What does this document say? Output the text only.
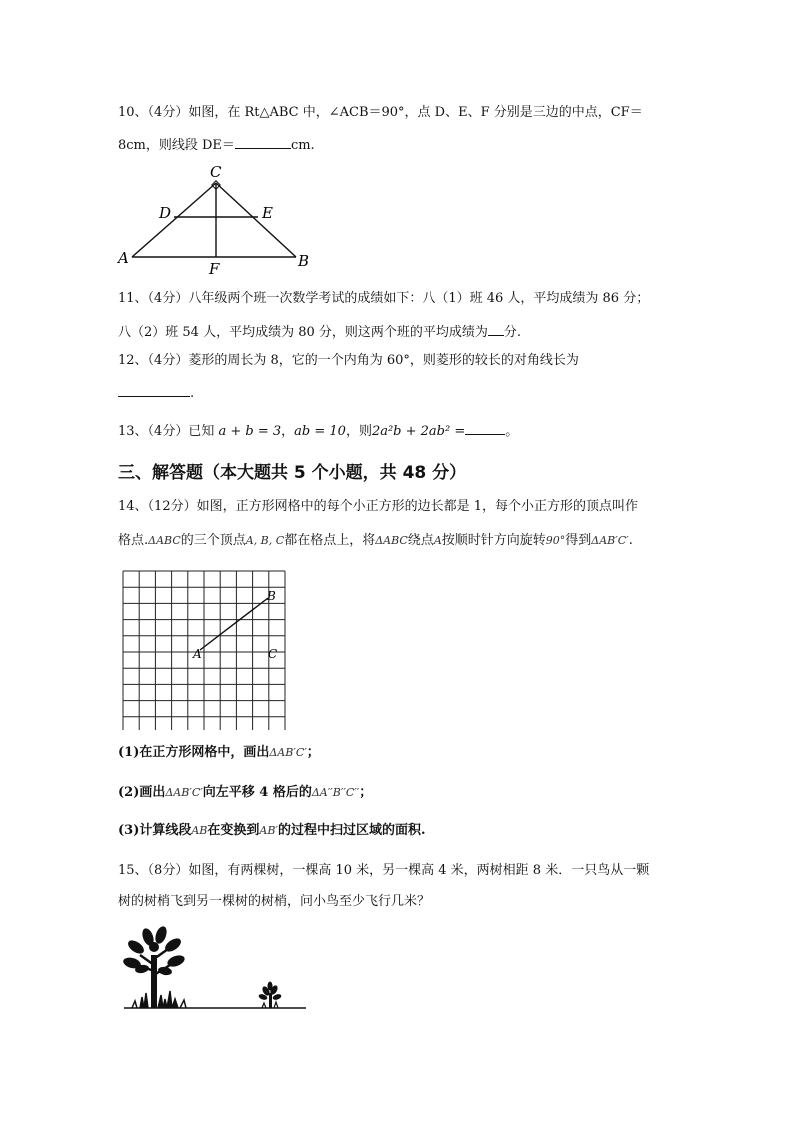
10、（4分）如图，在 Rt△ABC 中，∠ACB＝90°，点 D、E、F 分别是三边的中点，CF＝
8cm，则线段 DE＝	cm.
C
D	E
A
F	B
11、（4分）八年级两个班一次数学考试的成绩如下：八（1）班 46 人，平均成绩为 86 分；
八（2）班 54 人，平均成绩为 80 分，则这两个班的平均成绩为 分.
12、（4分）菱形的周长为 8，它的一个内角为 60°，则菱形的较长的对角线长为
.
13、（4分）已知 a + b = 3，ab = 10，则2a²b + 2ab² =	。
三、解答题（本大题共 5 个小题，共 48 分）
14、（12分）如图，正方形网格中的每个小正方形的边长都是 1，每个小正方形的顶点叫作
格点.ΔABC的三个顶点A, B, C都在格点上，将ΔABC绕点A按顺时针方向旋转90°得到ΔAB′C′.
B
A	C
(1)在正方形网格中，画出ΔAB′C′；
(2)画出ΔAB′C′向左平移 4 格后的ΔA′′B′′C′′；
(3)计算线段AB在变换到AB′的过程中扫过区域的面积.
15、（8分）如图，有两棵树，一棵高 10 米，另一棵高 4 米，两树相距 8 米．一只鸟从一颗
树的树梢飞到另一棵树的树梢，问小鸟至少飞行几米？
